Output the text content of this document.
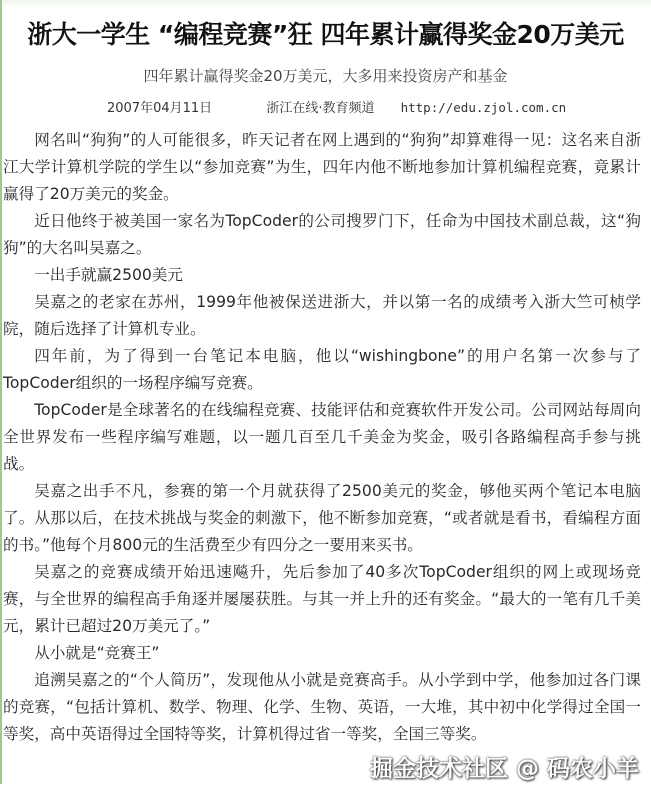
浙大一学生 “编程竞赛”狂 四年累计赢得奖金20万美元
四年累计赢得奖金20万美元，大多用来投资房产和基金
2007年04月11日	浙江在线·教育频道 http://edu.zjol.com.cn

网名叫“狗狗”的人可能很多，昨天记者在网上遇到的“狗狗”却算难得一见：这名来自浙江大学计算机学院的学生以“参加竞赛”为生，四年内他不断地参加计算机编程竞赛，竟累计赢得了20万美元的奖金。

近日他终于被美国一家名为TopCoder的公司搜罗门下，任命为中国技术副总裁，这“狗狗”的大名叫吴嘉之。

一出手就赢2500美元

吴嘉之的老家在苏州，1999年他被保送进浙大，并以第一名的成绩考入浙大竺可桢学院，随后选择了计算机专业。

四年前，为了得到一台笔记本电脑，他以“wishingbone”的用户名第一次参与了TopCoder组织的一场程序编写竞赛。

TopCoder是全球著名的在线编程竞赛、技能评估和竞赛软件开发公司。公司网站每周向全世界发布一些程序编写难题，以一题几百至几千美金为奖金，吸引各路编程高手参与挑战。

吴嘉之出手不凡，参赛的第一个月就获得了2500美元的奖金，够他买两个笔记本电脑了。从那以后，在技术挑战与奖金的刺激下，他不断参加竞赛，“或者就是看书，看编程方面的书。”他每个月800元的生活费至少有四分之一要用来买书。

吴嘉之的竞赛成绩开始迅速飚升，先后参加了40多次TopCoder组织的网上或现场竞赛，与全世界的编程高手角逐并屡屡获胜。与其一并上升的还有奖金。“最大的一笔有几千美元，累计已超过20万美元了。”

从小就是“竞赛王”

追溯吴嘉之的“个人简历”，发现他从小就是竞赛高手。从小学到中学，他参加过各门课的竞赛，“包括计算机、数学、物理、化学、生物、英语，一大堆，其中初中化学得过全国一等奖，高中英语得过全国特等奖，计算机得过省一等奖，全国三等奖。

掘金技术社区 @ 码农小羊
